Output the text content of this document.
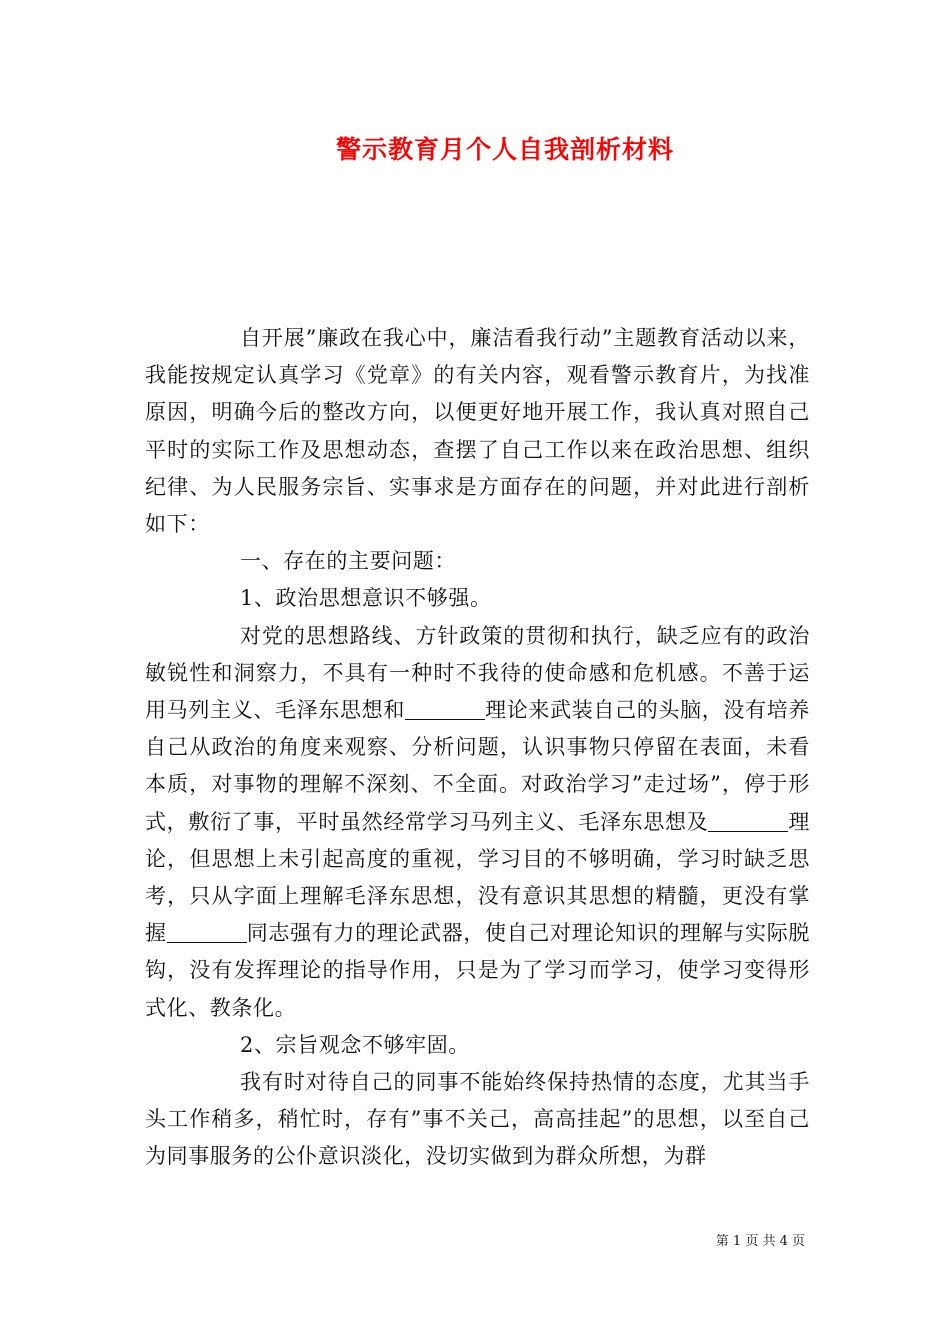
警示教育月个人自我剖析材料

自开展”廉政在我心中，廉洁看我行动”主题教育活动以来，我能按规定认真学习《党章》的有关内容，观看警示教育片，为找准原因，明确今后的整改方向，以便更好地开展工作，我认真对照自己平时的实际工作及思想动态，查摆了自己工作以来在政治思想、组织纪律、为人民服务宗旨、实事求是方面存在的问题，并对此进行剖析如下：

一、存在的主要问题：

1、政治思想意识不够强。

对党的思想路线、方针政策的贯彻和执行，缺乏应有的政治敏锐性和洞察力，不具有一种时不我待的使命感和危机感。不善于运用马列主义、毛泽东思想和	理论来武装自己的头脑，没有培养自己从政治的角度来观察、分析问题，认识事物只停留在表面，未看本质，对事物的理解不深刻、不全面。对政治学习”走过场”，停于形式，敷衍了事，平时虽然经常学习马列主义、毛泽东思想及	理论，但思想上未引起高度的重视，学习目的不够明确，学习时缺乏思考，只从字面上理解毛泽东思想，没有意识其思想的精髓，更没有掌握	同志强有力的理论武器，使自己对理论知识的理解与实际脱钩，没有发挥理论的指导作用，只是为了学习而学习，使学习变得形式化、教条化。

2、宗旨观念不够牢固。

我有时对待自己的同事不能始终保持热情的态度，尤其当手头工作稍多，稍忙时，存有”事不关己，高高挂起”的思想，以至自己为同事服务的公仆意识淡化，没切实做到为群众所想，为群

第 1 页 共 4 页
